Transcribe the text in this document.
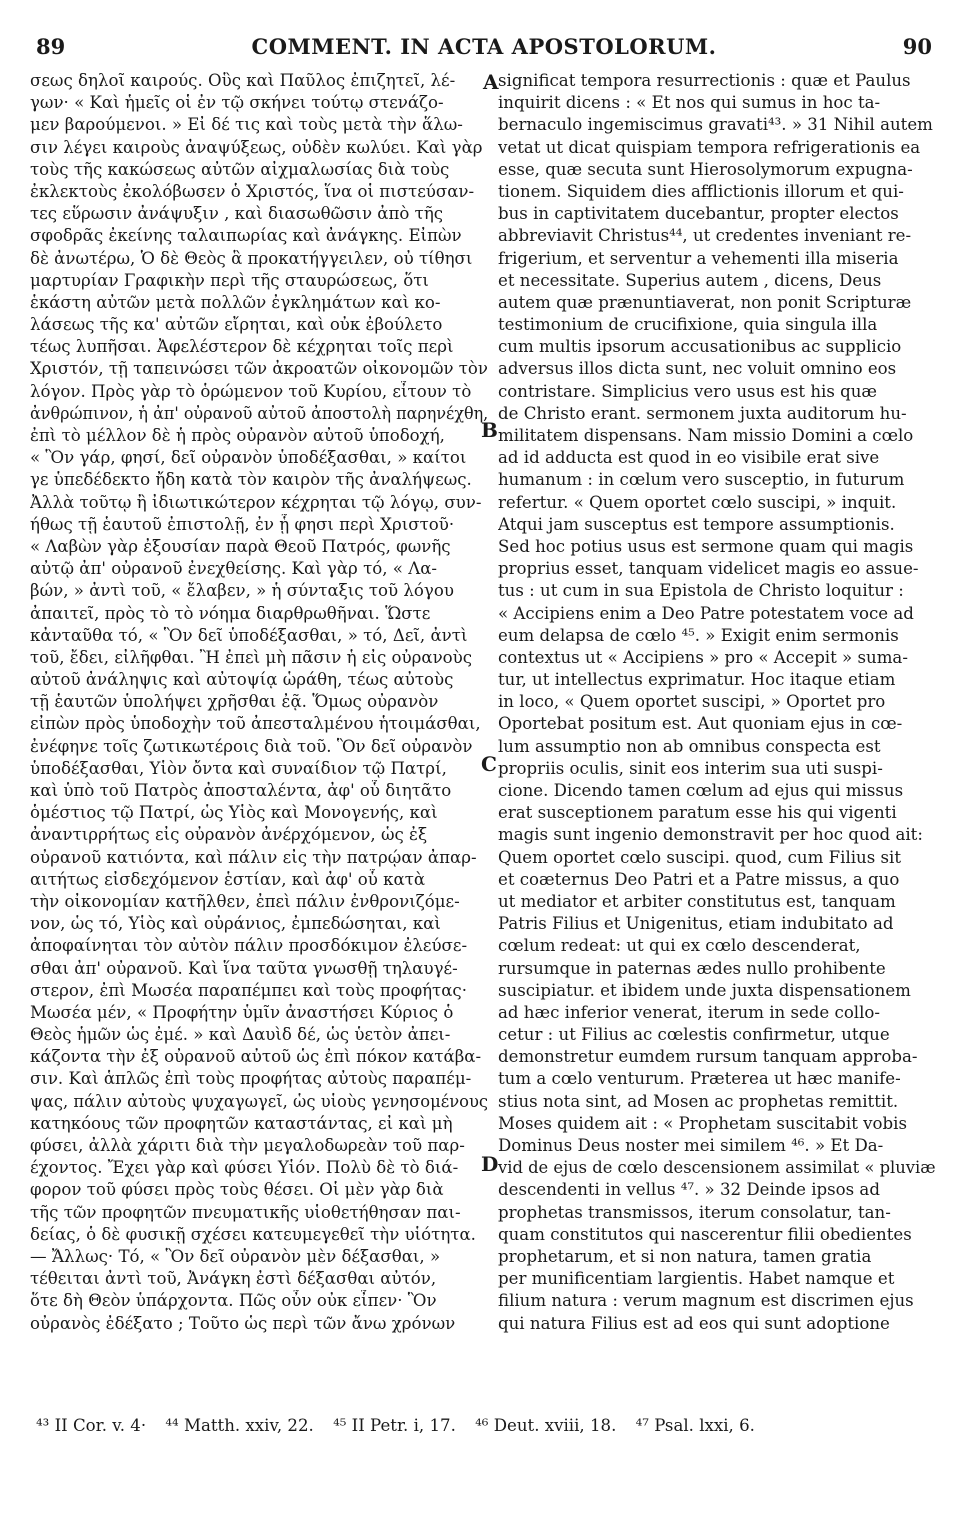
89	COMMENT. IN ACTA APOSTOLORUM.	90
σεως δηλοῖ καιρούς. Οὓς καὶ Παῦλος ἐπιζητεῖ, λέ-
γων· « Καὶ ἡμεῖς οἱ ἐν τῷ σκήνει τούτῳ στενάζο-
μεν βαρούμενοι. » Εἰ δέ τις καὶ τοὺς μετὰ τὴν ἅλω-
σιν λέγει καιροὺς ἀναψύξεως, οὐδὲν κωλύει. Καὶ γὰρ
τοὺς τῆς κακώσεως αὐτῶν αἰχμαλωσίας διὰ τοὺς
ἐκλεκτοὺς ἐκολόβωσεν ὁ Χριστός, ἵνα οἱ πιστεύσαν-
τες εὕρωσιν ἀνάψυξιν , καὶ διασωθῶσιν ἀπὸ τῆς
σφοδρᾶς ἐκείνης ταλαιπωρίας καὶ ἀνάγκης. Εἰπὼν
δὲ ἀνωτέρω, Ὁ δὲ Θεὸς ἃ προκατήγγειλεν, οὐ τίθησι
μαρτυρίαν Γραφικὴν περὶ τῆς σταυρώσεως, ὅτι
ἑκάστη αὐτῶν μετὰ πολλῶν ἐγκλημάτων καὶ κο-
λάσεως τῆς κα' αὐτῶν εἴρηται, καὶ οὐκ ἐβούλετο
τέως λυπῆσαι. Ἀφελέστερον δὲ κέχρηται τοῖς περὶ
Χριστόν, τῇ ταπεινώσει τῶν ἀκροατῶν οἰκονομῶν τὸν
λόγον. Πρὸς γὰρ τὸ ὁρώμενον τοῦ Κυρίου, εἶτουν τὸ
ἀνθρώπινον, ἡ ἀπ' οὐρανοῦ αὐτοῦ ἀποστολὴ παρηνέχθη,
ἐπὶ τὸ μέλλον δὲ ἡ πρὸς οὐρανὸν αὐτοῦ ὑποδοχή,
« Ὃν γάρ, φησί, δεῖ οὐρανὸν ὑποδέξασθαι, » καίτοι
γε ὑπεδέδεκτο ἤδη κατὰ τὸν καιρὸν τῆς ἀναλήψεως.
Ἀλλὰ τοῦτῳ ἢ ἰδιωτικώτερον κέχρηται τῷ λόγῳ, συν-
ήθως τῇ ἑαυτοῦ ἐπιστολῇ, ἐν ᾗ φησι περὶ Χριστοῦ·
« Λαβὼν γὰρ ἐξουσίαν παρὰ Θεοῦ Πατρός, φωνῆς
αὐτῷ ἀπ' οὐρανοῦ ἐνεχθείσης. Καὶ γὰρ τό, « Λα-
βών, » ἀντὶ τοῦ, « ἔλαβεν, » ἡ σύνταξις τοῦ λόγου
ἀπαιτεῖ, πρὸς τὸ τὸ νόημα διαρθρωθῆναι. Ὥστε
κἀνταῦθα τό, « Ὃν δεῖ ὑποδέξασθαι, » τό, Δεῖ, ἀντὶ
τοῦ, ἔδει, εἰλῆφθαι. Ἢ ἐπεὶ μὴ πᾶσιν ἡ εἰς οὐρανοὺς
αὐτοῦ ἀνάληψις καὶ αὐτοψίᾳ ὡράθη, τέως αὐτοὺς
τῇ ἑαυτῶν ὑπολήψει χρῆσθαι ἐᾷ. Ὅμως οὐρανὸν
εἰπὼν πρὸς ὑποδοχὴν τοῦ ἀπεσταλμένου ἡτοιμάσθαι,
ἐνέφηνε τοῖς ζωτικωτέροις διὰ τοῦ. Ὃν δεῖ οὐρανὸν
ὑποδέξασθαι, Υἱὸν ὄντα καὶ συναίδιον τῷ Πατρί,
καὶ ὑπὸ τοῦ Πατρὸς ἀποσταλέντα, ἀφ' οὗ διητᾶτο
ὁμέστιος τῷ Πατρί, ὡς Υἱὸς καὶ Μονογενής, καὶ
ἀναντιρρήτως εἰς οὐρανὸν ἀνέρχόμενον, ὡς ἐξ
οὐρανοῦ κατιόντα, καὶ πάλιν εἰς τὴν πατρῴαν ἀπαρ-
αιτήτως εἰσδεχόμενον ἑστίαν, καὶ ἀφ' οὗ κατὰ
τὴν οἰκονομίαν κατῆλθεν, ἐπεὶ πάλιν ἐνθρονιζόμε-
νον, ὡς τό, Υἱὸς καὶ οὐράνιος, ἐμπεδώσηται, καὶ
ἀποφαίνηται τὸν αὐτὸν πάλιν προσδόκιμον ἐλεύσε-
σθαι ἀπ' οὐρανοῦ. Καὶ ἵνα ταῦτα γνωσθῇ τηλαυγέ-
στερον, ἐπὶ Μωσέα παραπέμπει καὶ τοὺς προφήτας·
Μωσέα μέν, « Προφήτην ὑμῖν ἀναστήσει Κύριος ὁ
Θεὸς ἡμῶν ὡς ἐμέ. » καὶ Δαυὶδ δέ, ὡς ὑετὸν ἀπει-
κάζοντα τὴν ἐξ οὐρανοῦ αὐτοῦ ὡς ἐπὶ πόκον κατάβα-
σιν. Καὶ ἁπλῶς ἐπὶ τοὺς προφήτας αὐτοὺς παραπέμ-
ψας, πάλιν αὐτοὺς ψυχαγωγεῖ, ὡς υἱοὺς γενησομένους
κατηκόους τῶν προφητῶν καταστάντας, εἰ καὶ μὴ
φύσει, ἀλλὰ χάριτι διὰ τὴν μεγαλοδωρεὰν τοῦ παρ-
έχοντος. Ἔχει γὰρ καὶ φύσει Υἱόν. Πολὺ δὲ τὸ διά-
φορον τοῦ φύσει πρὸς τοὺς θέσει. Οἱ μὲν γὰρ διὰ
τῆς τῶν προφητῶν πνευματικῆς υἱοθετήθησαν παι-
δείας, ὁ δὲ φυσικῇ σχέσει κατευμεγεθεῖ τὴν υἱότητα.
— Ἄλλως· Τό, « Ὃν δεῖ οὐρανὸν μὲν δέξασθαι, »
τέθειται ἀντὶ τοῦ, Ἀνάγκη ἐστὶ δέξασθαι αὐτόν,
ὅτε δὴ Θεὸν ὑπάρχοντα. Πῶς οὖν οὐκ εἶπεν· Ὃν
οὐρανὸς ἐδέξατο ; Τοῦτο ὡς περὶ τῶν ἄνω χρόνων
significat tempora resurrectionis : quæ et Paulus
inquirit dicens : « Et nos qui sumus in hoc ta-
bernaculo ingemiscimus gravati⁴³. » 31 Nihil autem
vetat ut dicat quispiam tempora refrigerationis ea
esse, quæ secuta sunt Hierosolymorum expugna-
tionem. Siquidem dies afflictionis illorum et qui-
bus in captivitatem ducebantur, propter electos
abbreviavit Christus⁴⁴, ut credentes inveniant re-
frigerium, et serventur a vehementi illa miseria
et necessitate. Superius autem , dicens, Deus
autem quæ prænuntiaverat, non ponit Scripturæ
testimonium de crucifixione, quia singula illa
cum multis ipsorum accusationibus ac supplicio
adversus illos dicta sunt, nec voluit omnino eos
contristare. Simplicius vero usus est his quæ
de Christo erant. sermonem juxta auditorum hu-
militatem dispensans. Nam missio Domini a cœlo
ad id adducta est quod in eo visibile erat sive
humanum : in cœlum vero susceptio, in futurum
refertur. « Quem oportet cœlo suscipi, » inquit.
Atqui jam susceptus est tempore assumptionis.
Sed hoc potius usus est sermone quam qui magis
proprius esset, tanquam videlicet magis eo assue-
tus : ut cum in sua Epistola de Christo loquitur :
« Accipiens enim a Deo Patre potestatem voce ad
eum delapsa de cœlo ⁴⁵. » Exigit enim sermonis
contextus ut « Accipiens » pro « Accepit » suma-
tur, ut intellectus exprimatur. Hoc itaque etiam
in loco, « Quem oportet suscipi, » Oportet pro
Oportebat positum est. Aut quoniam ejus in cœ-
lum assumptio non ab omnibus conspecta est
propriis oculis, sinit eos interim sua uti suspi-
cione. Dicendo tamen cœlum ad ejus qui missus
erat susceptionem paratum esse his qui vigenti
magis sunt ingenio demonstravit per hoc quod ait:
Quem oportet cœlo suscipi. quod, cum Filius sit
et coæternus Deo Patri et a Patre missus, a quo
ut mediator et arbiter constitutus est, tanquam
Patris Filius et Unigenitus, etiam indubitato ad
cœlum redeat: ut qui ex cœlo descenderat,
rursumque in paternas ædes nullo prohibente
suscipiatur. et ibidem unde juxta dispensationem
ad hæc inferior venerat, iterum in sede collo-
cetur : ut Filius ac cœlestis confirmetur, utque
demonstretur eumdem rursum tanquam approba-
tum a cœlo venturum. Præterea ut hæc manife-
stius nota sint, ad Mosen ac prophetas remittit.
Moses quidem ait : « Prophetam suscitabit vobis
Dominus Deus noster mei similem ⁴⁶. » Et Da-
vid de ejus de cœlo descensionem assimilat « pluviæ
descendenti in vellus ⁴⁷. » 32 Deinde ipsos ad
prophetas transmissos, iterum consolatur, tan-
quam constitutos qui nascerentur filii obedientes
prophetarum, et si non natura, tamen gratia
per munificentiam largientis. Habet namque et
filium natura : verum magnum est discrimen ejus
qui natura Filius est ad eos qui sunt adoptione
A
B
C
D
⁴³ II Cor. v. 4· ⁴⁴ Matth. xxiv, 22. ⁴⁵ II Petr. i, 17. ⁴⁶ Deut. xviii, 18. ⁴⁷ Psal. lxxi, 6.
